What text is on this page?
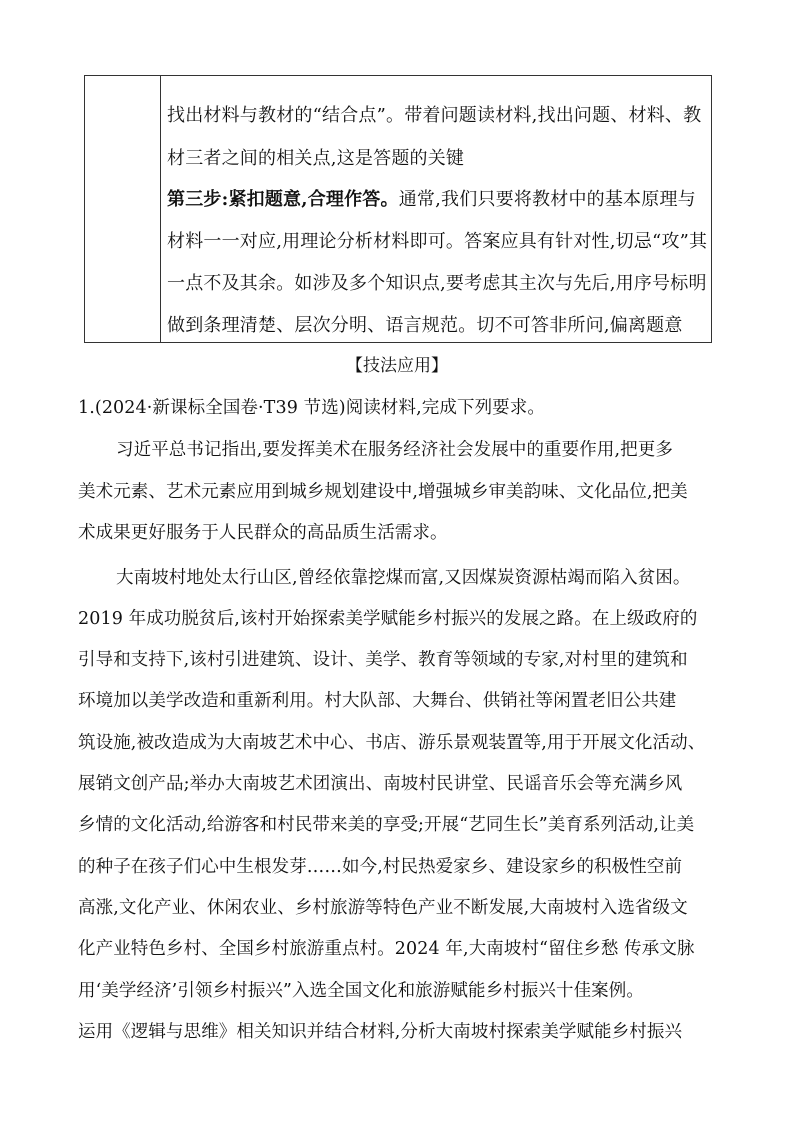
找出材料与教材的“结合点”。带着问题读材料,找出问题、材料、教
材三者之间的相关点,这是答题的关键
第三步:紧扣题意,合理作答。通常,我们只要将教材中的基本原理与
材料一一对应,用理论分析材料即可。答案应具有针对性,切忌“攻”其
一点不及其余。如涉及多个知识点,要考虑其主次与先后,用序号标明
做到条理清楚、层次分明、语言规范。切不可答非所问,偏离题意
【技法应用】
1.(2024·新课标全国卷·T39 节选)阅读材料,完成下列要求。
习近平总书记指出,要发挥美术在服务经济社会发展中的重要作用,把更多
美术元素、艺术元素应用到城乡规划建设中,增强城乡审美韵味、文化品位,把美
术成果更好服务于人民群众的高品质生活需求。
大南坡村地处太行山区,曾经依靠挖煤而富,又因煤炭资源枯竭而陷入贫困。
2019 年成功脱贫后,该村开始探索美学赋能乡村振兴的发展之路。在上级政府的
引导和支持下,该村引进建筑、设计、美学、教育等领域的专家,对村里的建筑和
环境加以美学改造和重新利用。村大队部、大舞台、供销社等闲置老旧公共建
筑设施,被改造成为大南坡艺术中心、书店、游乐景观装置等,用于开展文化活动、
展销文创产品;举办大南坡艺术团演出、南坡村民讲堂、民谣音乐会等充满乡风
乡情的文化活动,给游客和村民带来美的享受;开展“艺同生长”美育系列活动,让美
的种子在孩子们心中生根发芽……如今,村民热爱家乡、建设家乡的积极性空前
高涨,文化产业、休闲农业、乡村旅游等特色产业不断发展,大南坡村入选省级文
化产业特色乡村、全国乡村旅游重点村。2024 年,大南坡村“留住乡愁 传承文脉
用‘美学经济’引领乡村振兴”入选全国文化和旅游赋能乡村振兴十佳案例。
运用《逻辑与思维》相关知识并结合材料,分析大南坡村探索美学赋能乡村振兴
